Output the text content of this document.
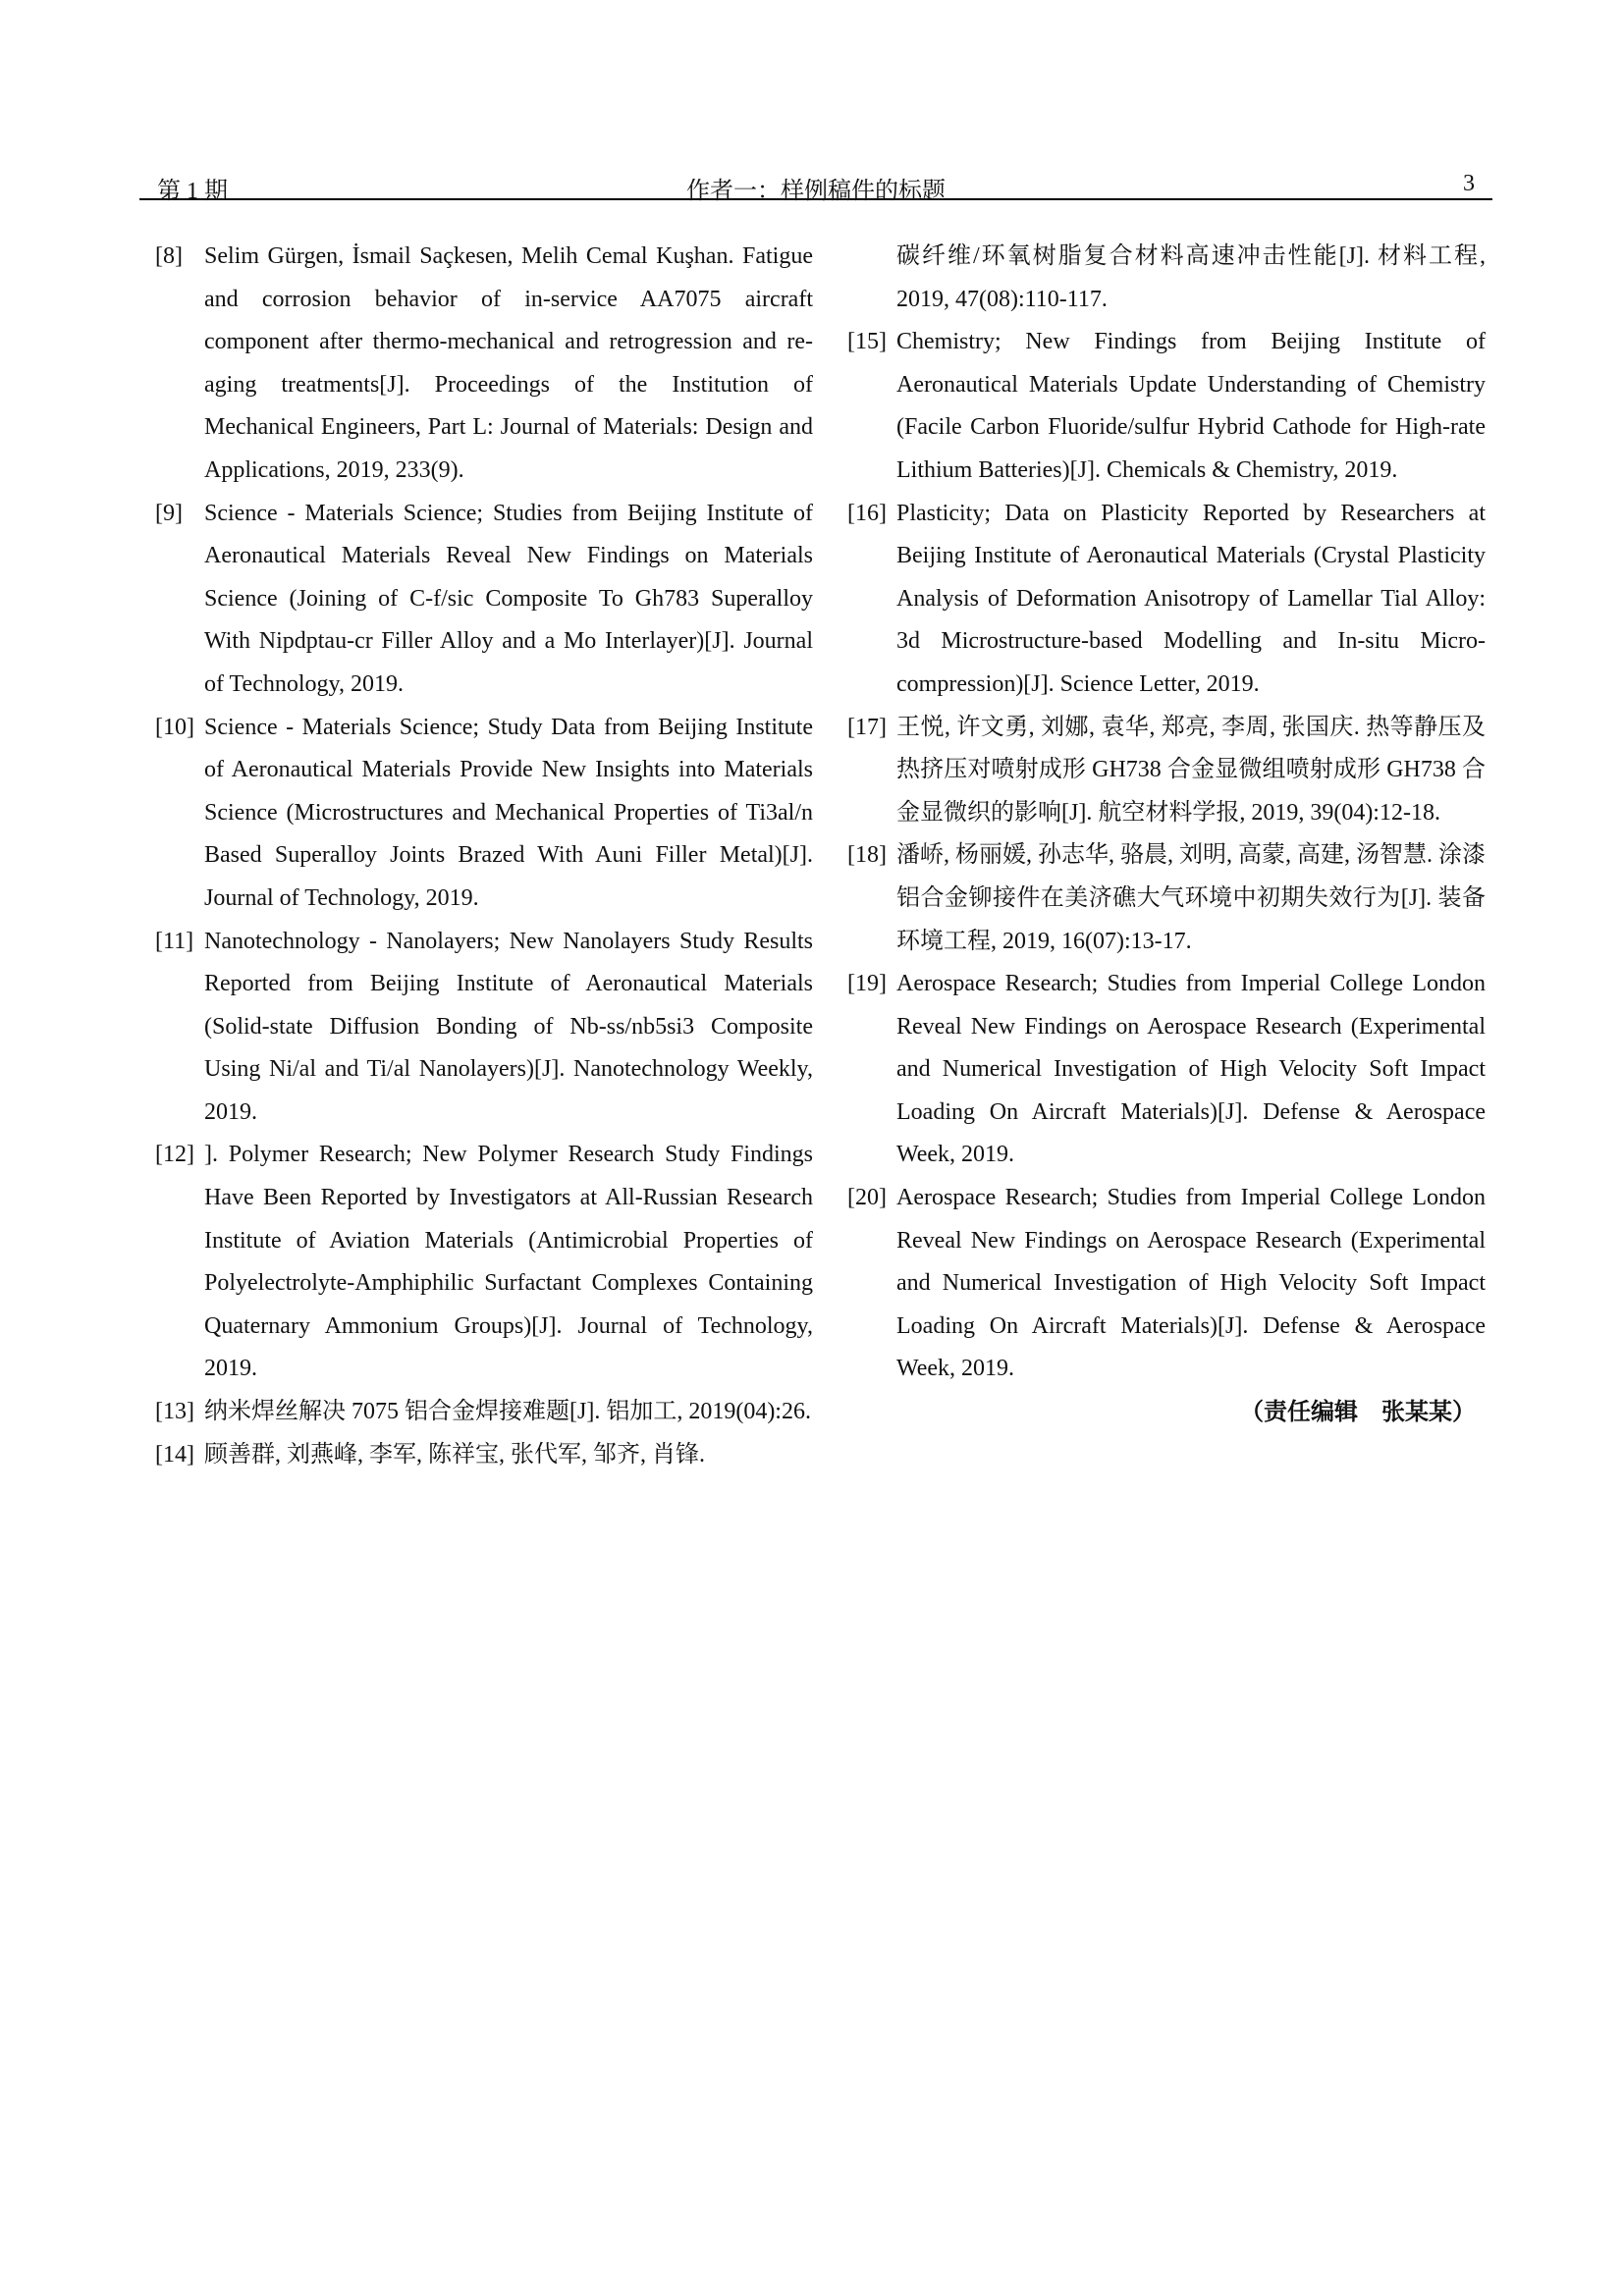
第 1 期	作者一：样例稿件的标题	3
[8] Selim Gürgen, İsmail Saçkesen, Melih Cemal Kuşhan. Fatigue and corrosion behavior of in-service AA7075 aircraft component after thermo-mechanical and retrogression and re-aging treatments[J]. Proceedings of the Institution of Mechanical Engineers, Part L: Journal of Materials: Design and Applications, 2019, 233(9).
[9] Science - Materials Science; Studies from Beijing Institute of Aeronautical Materials Reveal New Findings on Materials Science (Joining of C-f/sic Composite To Gh783 Superalloy With Nipdptau-cr Filler Alloy and a Mo Interlayer)[J]. Journal of Technology, 2019.
[10] Science - Materials Science; Study Data from Beijing Institute of Aeronautical Materials Provide New Insights into Materials Science (Microstructures and Mechanical Properties of Ti3al/n Based Superalloy Joints Brazed With Auni Filler Metal)[J]. Journal of Technology, 2019.
[11] Nanotechnology - Nanolayers; New Nanolayers Study Results Reported from Beijing Institute of Aeronautical Materials (Solid-state Diffusion Bonding of Nb-ss/nb5si3 Composite Using Ni/al and Ti/al Nanolayers)[J]. Nanotechnology Weekly, 2019.
[12] ]. Polymer Research; New Polymer Research Study Findings Have Been Reported by Investigators at All-Russian Research Institute of Aviation Materials (Antimicrobial Properties of Polyelectrolyte-Amphiphilic Surfactant Complexes Containing Quaternary Ammonium Groups)[J]. Journal of Technology, 2019.
[13] 纳米焊丝解决 7075 铝合金焊接难题[J]. 铝加工, 2019(04):26.
[14] 顾善群, 刘燕峰, 李军, 陈祥宝, 张代军, 邹齐, 肖锋.
碳纤维/环氧树脂复合材料高速冲击性能[J]. 材料工程, 2019, 47(08):110-117.
[15] Chemistry; New Findings from Beijing Institute of Aeronautical Materials Update Understanding of Chemistry (Facile Carbon Fluoride/sulfur Hybrid Cathode for High-rate Lithium Batteries)[J]. Chemicals & Chemistry, 2019.
[16] Plasticity; Data on Plasticity Reported by Researchers at Beijing Institute of Aeronautical Materials (Crystal Plasticity Analysis of Deformation Anisotropy of Lamellar Tial Alloy: 3d Microstructure-based Modelling and In-situ Micro-compression)[J]. Science Letter, 2019.
[17] 王悦, 许文勇, 刘娜, 袁华, 郑亮, 李周, 张国庆. 热等静压及热挤压对喷射成形 GH738 合金显微组喷射成形 GH738 合金显微织的影响[J]. 航空材料学报, 2019, 39(04):12-18.
[18] 潘峤, 杨丽媛, 孙志华, 骆晨, 刘明, 高蒙, 高建, 汤智慧. 涂漆铝合金铆接件在美济礁大气环境中初期失效行为[J]. 装备环境工程, 2019, 16(07):13-17.
[19] Aerospace Research; Studies from Imperial College London Reveal New Findings on Aerospace Research (Experimental and Numerical Investigation of High Velocity Soft Impact Loading On Aircraft Materials)[J]. Defense & Aerospace Week, 2019.
[20] Aerospace Research; Studies from Imperial College London Reveal New Findings on Aerospace Research (Experimental and Numerical Investigation of High Velocity Soft Impact Loading On Aircraft Materials)[J]. Defense & Aerospace Week, 2019.
（责任编辑　张某某）
